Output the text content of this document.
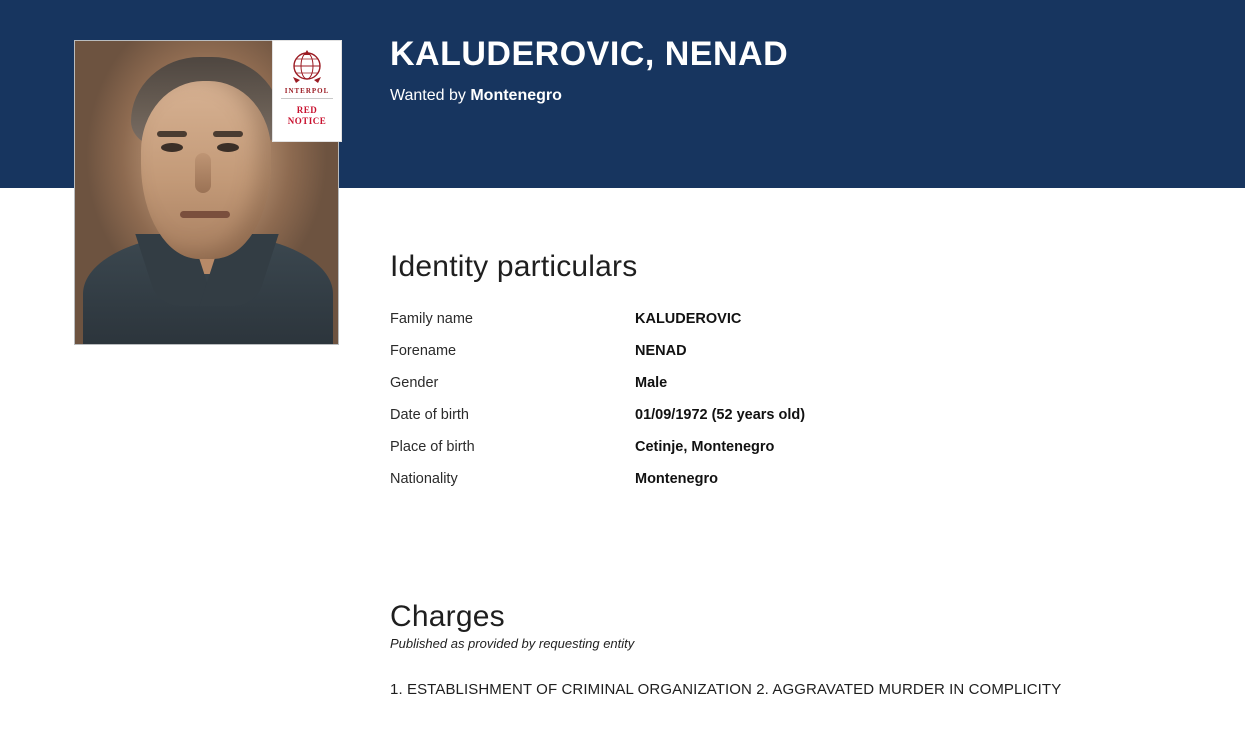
KALUDEROVIC, NENAD
Wanted by Montenegro
INTERPOL
RED
NOTICE
Identity particulars
Family name	KALUDEROVIC
Forename	NENAD
Gender	Male
Date of birth	01/09/1972 (52 years old)
Place of birth	Cetinje, Montenegro
Nationality	Montenegro
Charges
Published as provided by requesting entity
1. ESTABLISHMENT OF CRIMINAL ORGANIZATION 2. AGGRAVATED MURDER IN COMPLICITY
